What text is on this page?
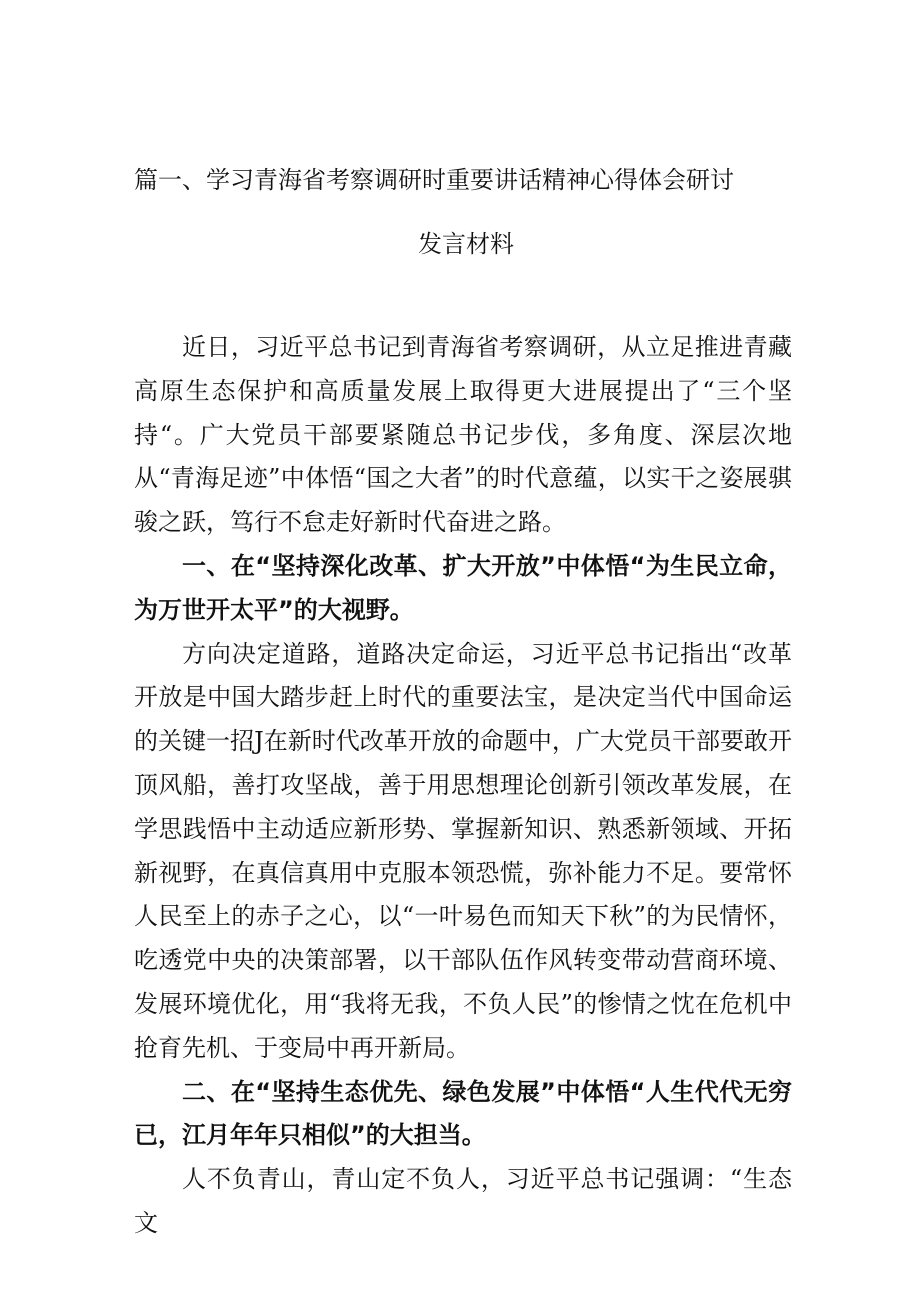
篇一、学习青海省考察调研时重要讲话精神心得体会研讨
发言材料

近日，习近平总书记到青海省考察调研，从立足推进青藏高原生态保护和高质量发展上取得更大进展提出了“三个坚持“。广大党员干部要紧随总书记步伐，多角度、深层次地从“青海足迹”中体悟“国之大者”的时代意蕴，以实干之姿展骐骏之跃，笃行不怠走好新时代奋进之路。

一、在“坚持深化改革、扩大开放”中体悟“为生民立命，为万世开太平”的大视野。

方向决定道路，道路决定命运，习近平总书记指出“改革开放是中国大踏步赶上时代的重要法宝，是决定当代中国命运的关键一招J在新时代改革开放的命题中，广大党员干部要敢开顶风船，善打攻坚战，善于用思想理论创新引领改革发展，在学思践悟中主动适应新形势、掌握新知识、熟悉新领域、开拓新视野，在真信真用中克服本领恐慌，弥补能力不足。要常怀人民至上的赤子之心，以“一叶易色而知天下秋”的为民情怀，吃透党中央的决策部署，以干部队伍作风转变带动营商环境、发展环境优化，用“我将无我，不负人民”的惨情之忱在危机中抢育先机、于变局中再开新局。

二、在“坚持生态优先、绿色发展”中体悟“人生代代无穷已，江月年年只相似”的大担当。

人不负青山，青山定不负人，习近平总书记强调：“生态文
